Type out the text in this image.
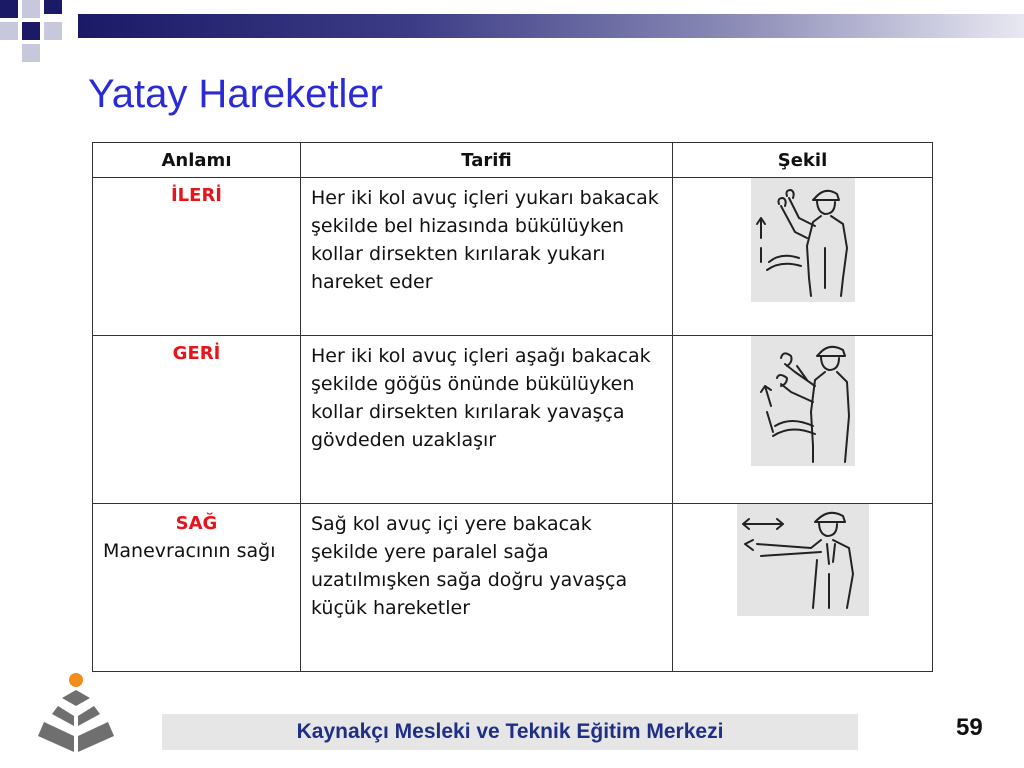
Yatay Hareketler
Anlamı	Tarifi	Şekil

İLERİ	Her iki kol avuç içleri yukarı bakacak şekilde bel hizasında bükülüyken kollar dirsekten kırılarak yukarı hareket eder	

GERİ	Her iki kol avuç içleri aşağı bakacak şekilde göğüs önünde bükülüyken kollar dirsekten kırılarak yavaşça gövdeden uzaklaşır	

SAĞ
Manevracının sağı	Sağ kol avuç içi yere bakacak şekilde yere paralel sağa uzatılmışken sağa doğru yavaşça küçük hareketler	
Kaynakçı Mesleki ve Teknik Eğitim Merkezi	59
